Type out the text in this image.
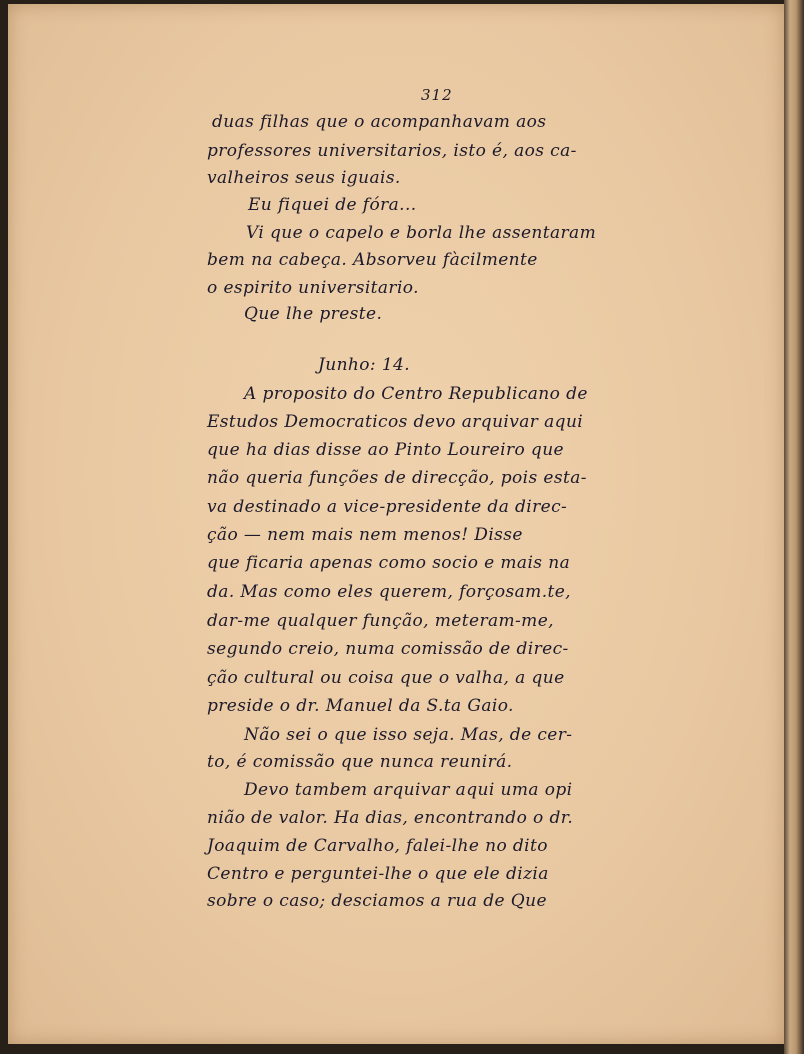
312
duas filhas que o acompanhavam aos
professores universitarios, isto é, aos ca-
valheiros seus iguais.
Eu fiquei de fóra...
Vi que o capelo e borla lhe assentaram
bem na cabeça. Absorveu fàcilmente
o espirito universitario.
Que lhe preste.
Junho: 14.
A proposito do Centro Republicano de
Estudos Democraticos devo arquivar aqui
que ha dias disse ao Pinto Loureiro que
não queria funções de direcção, pois esta-
va destinado a vice-presidente da direc-
ção — nem mais nem menos! Disse
que ficaria apenas como socio e mais na
da. Mas como eles querem, forçosam.te,
dar-me qualquer função, meteram-me,
segundo creio, numa comissão de direc-
ção cultural ou coisa que o valha, a que
preside o dr. Manuel da S.ta Gaio.
Não sei o que isso seja. Mas, de cer-
to, é comissão que nunca reunirá.
Devo tambem arquivar aqui uma opi
nião de valor. Ha dias, encontrando o dr.
Joaquim de Carvalho, falei-lhe no dito
Centro e perguntei-lhe o que ele dizia
sobre o caso; desciamos a rua de Que
